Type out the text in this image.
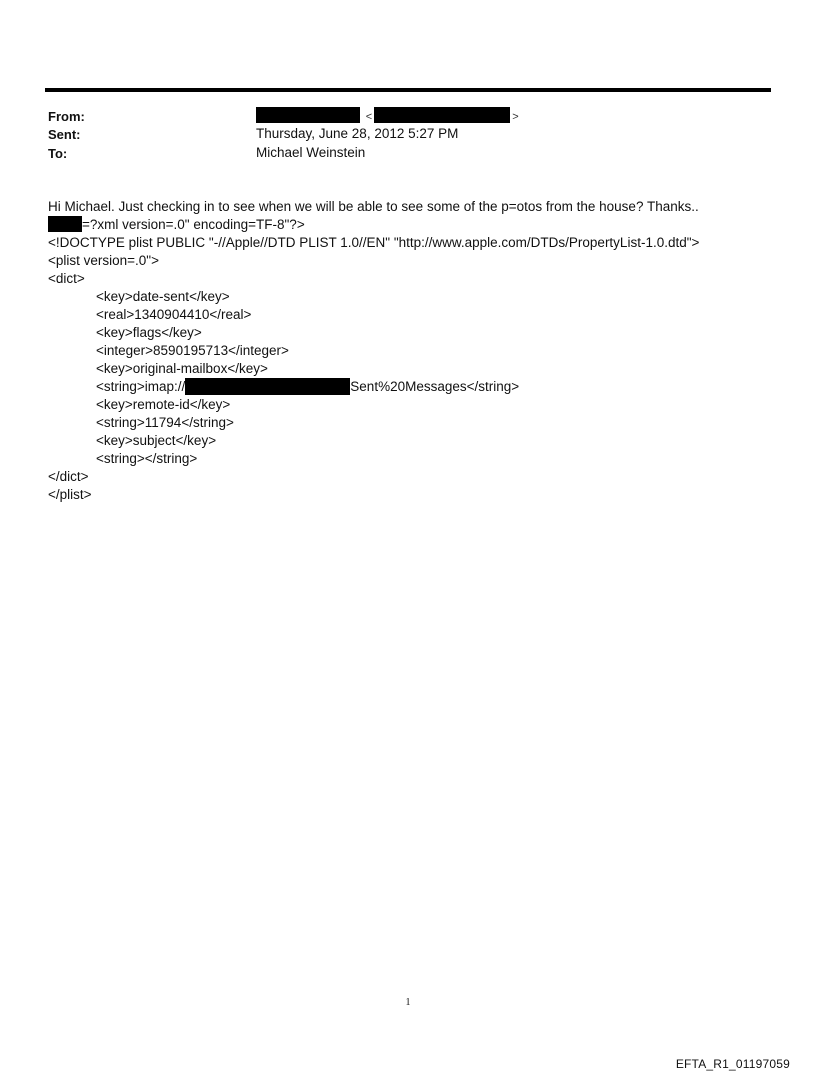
From:
Sent:
To:
<	>
Thursday, June 28, 2012 5:27 PM
Michael Weinstein
Hi Michael. Just checking in to see when we will be able to see some of the p=otos from the house? Thanks..
=?xml version=.0" encoding=TF-8"?>
<!DOCTYPE plist PUBLIC "-//Apple//DTD PLIST 1.0//EN" "http://www.apple.com/DTDs/PropertyList-1.0.dtd">
<plist version=.0">
<dict>
<key>date-sent</key>
<real>1340904410</real>
<key>flags</key>
<integer>8590195713</integer>
<key>original-mailbox</key>
<string>imap://	Sent%20Messages</string>
<key>remote-id</key>
<string>11794</string>
<key>subject</key>
<string></string>
</dict>
</plist>
1
EFTA_R1_01197059
